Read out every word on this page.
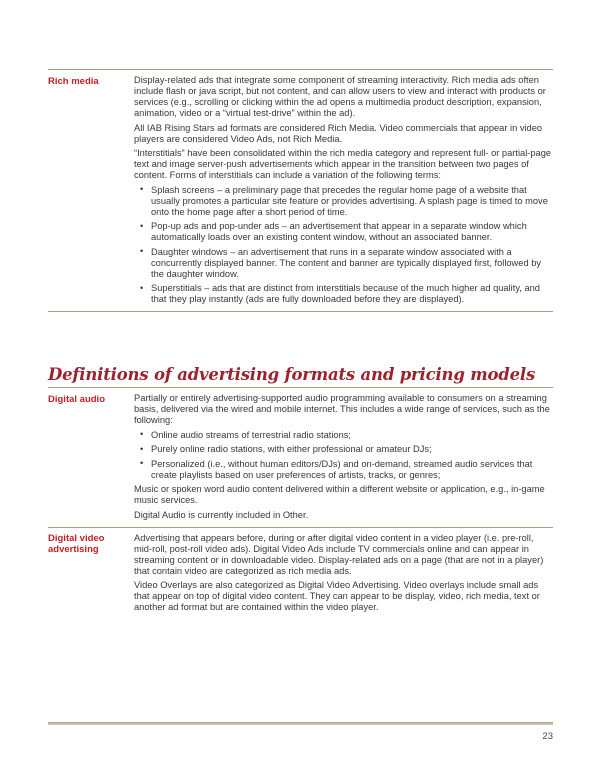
Rich media	Display-related ads that integrate some component of streaming interactivity. Rich media ads often include flash or java script, but not content, and can allow users to view and interact with products or services (e.g., scrolling or clicking within the ad opens a multimedia product description, expansion, animation, video or a “virtual test-drive” within the ad).

All IAB Rising Stars ad formats are considered Rich Media. Video commercials that appear in video players are considered Video Ads, not Rich Media.

“Interstitials” have been consolidated within the rich media category and represent full- or partial-page text and image server-push advertisements which appear in the transition between two pages of content. Forms of interstitials can include a variation of the following terms:

• Splash screens – a preliminary page that precedes the regular home page of a website that usually promotes a particular site feature or provides advertising. A splash page is timed to move onto the home page after a short period of time.
• Pop-up ads and pop-under ads – an advertisement that appear in a separate window which automatically loads over an existing content window, without an associated banner.
• Daughter windows – an advertisement that runs in a separate window associated with a concurrently displayed banner. The content and banner are typically displayed first, followed by the daughter window.
• Superstitials – ads that are distinct from interstitials because of the much higher ad quality, and that they play instantly (ads are fully downloaded before they are displayed).
Definitions of advertising formats and pricing models
Digital audio	Partially or entirely advertising-supported audio programming available to consumers on a streaming basis, delivered via the wired and mobile internet. This includes a wide range of services, such as the following:

• Online audio streams of terrestrial radio stations;
• Purely online radio stations, with either professional or amateur DJs;
• Personalized (i.e., without human editors/DJs) and on-demand, streamed audio services that create playlists based on user preferences of artists, tracks, or genres;

Music or spoken word audio content delivered within a different website or application, e.g., in-game music services.

Digital Audio is currently included in Other.

Digital video advertising

Advertising that appears before, during or after digital video content in a video player (i.e. pre-roll, mid-roll, post-roll video ads). Digital Video Ads include TV commercials online and can appear in streaming content or in downloadable video. Display-related ads on a page (that are not in a player) that contain video are categorized as rich media ads.

Video Overlays are also categorized as Digital Video Advertising. Video overlays include small ads that appear on top of digital video content. They can appear to be display, video, rich media, text or another ad format but are contained within the video player.

23
